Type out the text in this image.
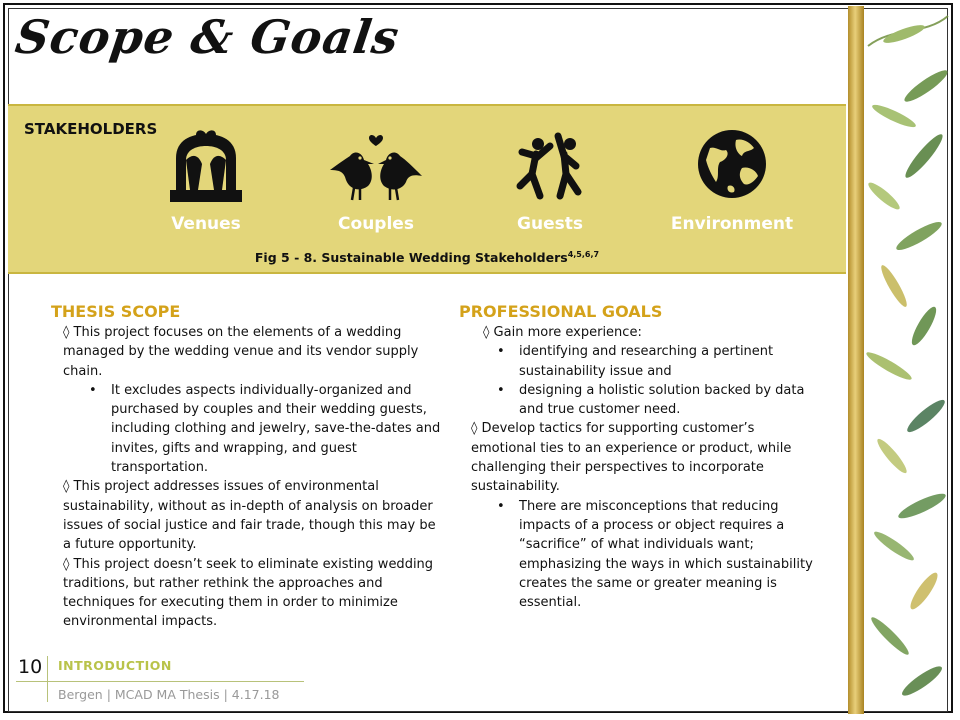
Scope & Goals
STAKEHOLDERS
Venues	Couples	Guests	Environment
Fig 5 - 8. Sustainable Wedding Stakeholders$^{4,5,6,7}$
THESIS SCOPE

◊ This project focuses on the elements of a wedding managed by the wedding venue and its vendor supply chain.

• It excludes aspects individually-organized and purchased by couples and their wedding guests, including clothing and jewelry, save-the-dates and invites, gifts and wrapping, and guest transportation.

◊ This project addresses issues of environmental sustainability, without as in-depth of analysis on broader issues of social justice and fair trade, though this may be a future opportunity.

◊ This project doesn’t seek to eliminate existing wedding traditions, but rather rethink the approaches and techniques for executing them in order to minimize environmental impacts.

PROFESSIONAL GOALS

◊ Gain more experience:

• identifying and researching a pertinent sustainability issue and
• designing a holistic solution backed by data and true customer need.

◊ Develop tactics for supporting customer’s emotional ties to an experience or product, while challenging their perspectives to incorporate sustainability.

• There are misconceptions that reducing impacts of a process or object requires a “sacrifice” of what individuals want; emphasizing the ways in which sustainability creates the same or greater meaning is essential.
10 INTRODUCTION
Bergen | MCAD MA Thesis | 4.17.18
